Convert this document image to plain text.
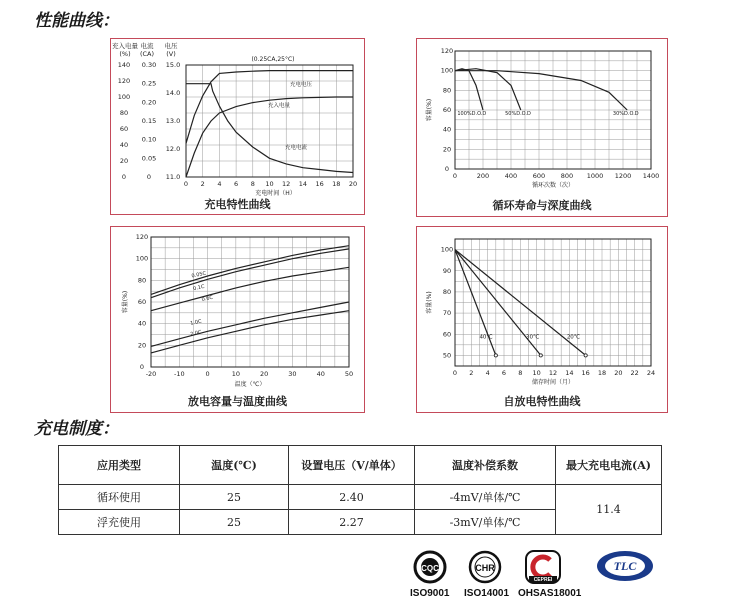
性能曲线：
0 2 4 6 8 10 12 14 16 18 20
0
20
40
60
80
100
120
140
0
0.05
0.10
0.15
0.20
0.25
0.30
11.0
12.0
13.0
14.0
15.0
充入电量 电流 电压
(%) (CA) (V)
(0.25CA,25°C)
充电时间（H）
充电电压
充入电量
充电电流
充电特性曲线
0	200 400 600 800 1000 1200 1400
0
20
40
60
80
100
120
循环次数（次）
容量(%)	100%D.O.D	50%D.O.D	30%D.O.D
循环寿命与深度曲线
-20	-10	0	10	20	30	40	50
0
20
40
60
80
100
120
温度（℃）
容量(%)
0.05C
0.1C
0.6C
1.0C
2.0C
放电容量与温度曲线
0 2 4 6 8 10 12 14 16 18 20 22 24
50
60
70
80
90
100
储存时间（月）
容量(%)
40℃	30℃	20℃
自放电特性曲线
充电制度：
应用类型	温度(℃)	设置电压（V/单体）	温度补偿系数	最大充电电流(A)
循环使用	25	2.40	-4mV/单体/℃	11.4
浮充使用	25	2.27	-3mV/单体/℃	
CQC	CHR
CEPREI
TLC
ISO9001 ISO14001 OHSAS18001
